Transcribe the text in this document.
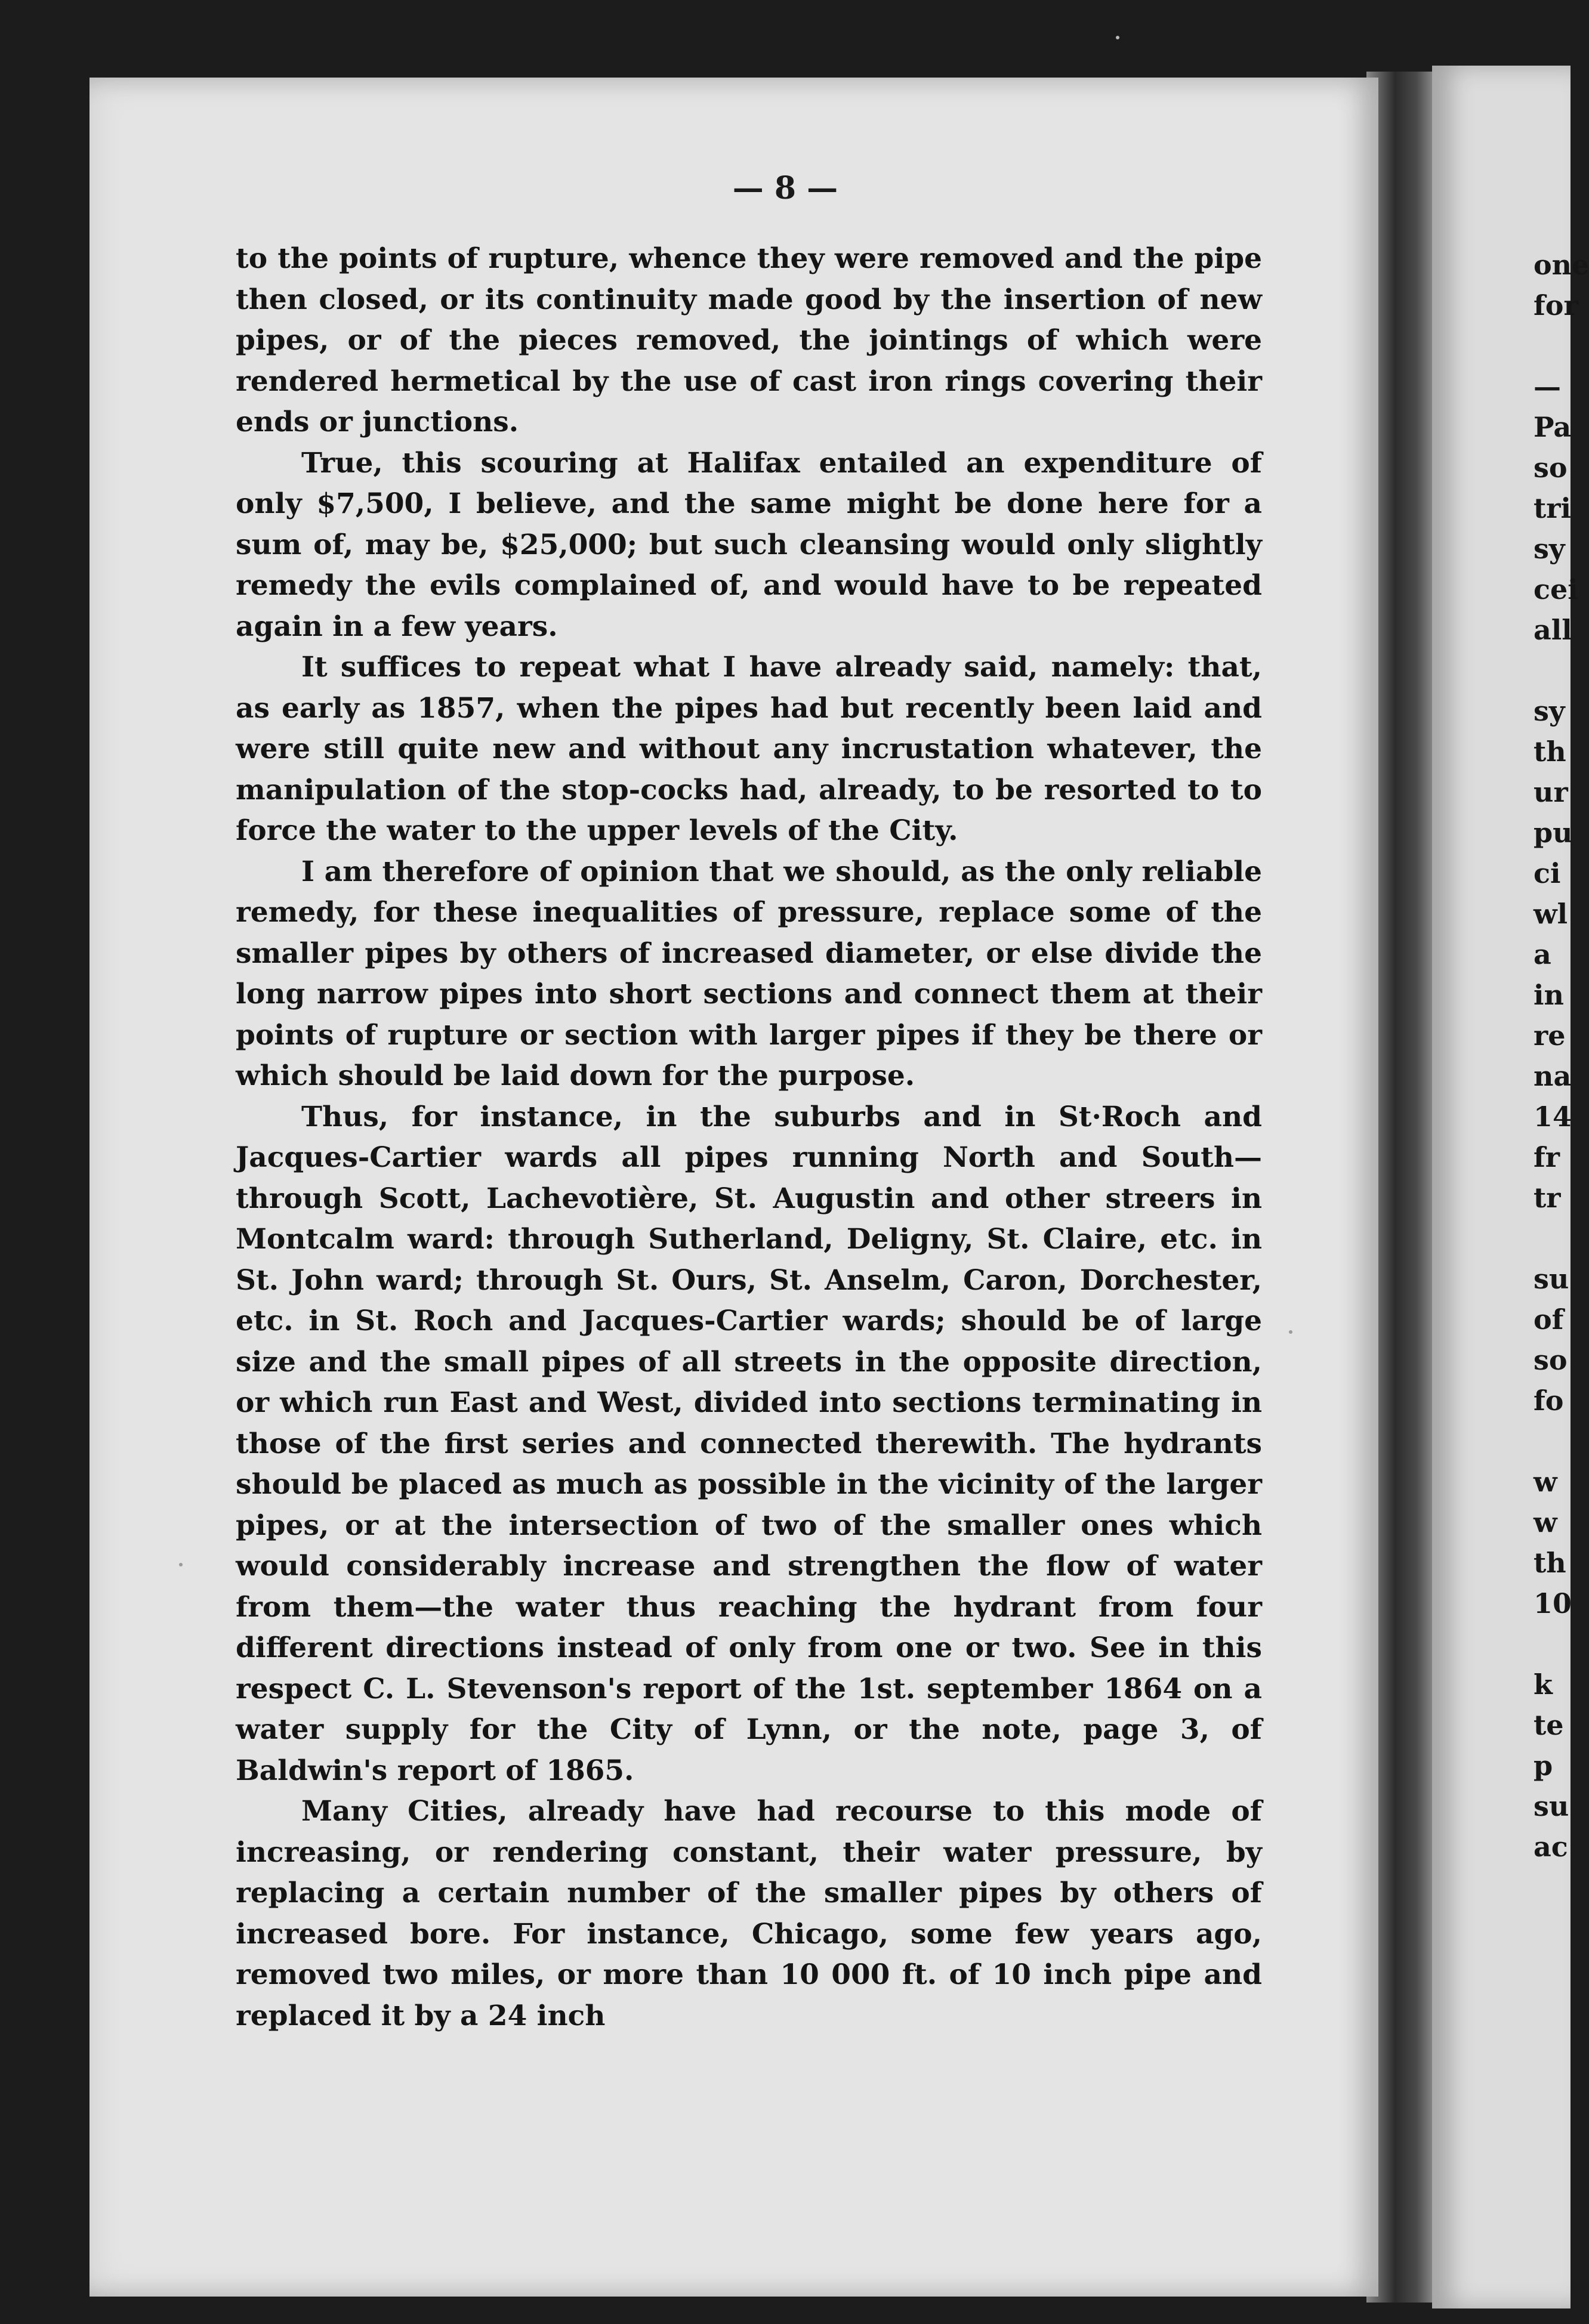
— 8 —

to the points of rupture, whence they were removed and the pipe then closed, or its continuity made good by the insertion of new pipes, or of the pieces removed, the jointings of which were rendered hermetical by the use of cast iron rings covering their ends or junctions.

True, this scouring at Halifax entailed an expenditure of only $7,500, I believe, and the same might be done here for a sum of, may be, $25,000; but such cleansing would only slightly remedy the evils complained of, and would have to be repeated again in a few years.

It suffices to repeat what I have already said, namely: that, as early as 1857, when the pipes had but recently been laid and were still quite new and without any incrustation whatever, the manipulation of the stop-cocks had, already, to be resorted to to force the water to the upper levels of the City.

I am therefore of opinion that we should, as the only reliable remedy, for these inequalities of pressure, replace some of the smaller pipes by others of increased diameter, or else divide the long narrow pipes into short sections and connect them at their points of rupture or section with larger pipes if they be there or which should be laid down for the purpose.

Thus, for instance, in the suburbs and in St·Roch and Jacques-Cartier wards all pipes running North and South—through Scott, Lachevotière, St. Augustin and other streers in Montcalm ward: through Sutherland, Deligny, St. Claire, etc. in St. John ward; through St. Ours, St. Anselm, Caron, Dorchester, etc. in St. Roch and Jacques-Cartier wards; should be of large size and the small pipes of all streets in the opposite direction, or which run East and West, divided into sections terminating in those of the first series and connected therewith. The hydrants should be placed as much as possible in the vicinity of the larger pipes, or at the intersection of two of the smaller ones which would considerably increase and strengthen the flow of water from them—the water thus reaching the hydrant from four different directions instead of only from one or two. See in this respect C. L. Stevenson's report of the 1st. september 1864 on a water supply for the City of Lynn, or the note, page 3, of Baldwin's report of 1865.

Many Cities, already have had recourse to this mode of increasing, or rendering constant, their water pressure, by replacing a certain number of the smaller pipes by others of increased bore. For instance, Chicago, some few years ago, removed two miles, or more than 10 000 ft. of 10 inch pipe and replaced it by a 24 inch

one
for

—
Pa
so
tri
sy
cei
all

sy
th
ur
pu
ci
wl
a
in
re
na
14
fr
tr

su
of
so
fo

w
w
th
10

k
te
p
su
ac
